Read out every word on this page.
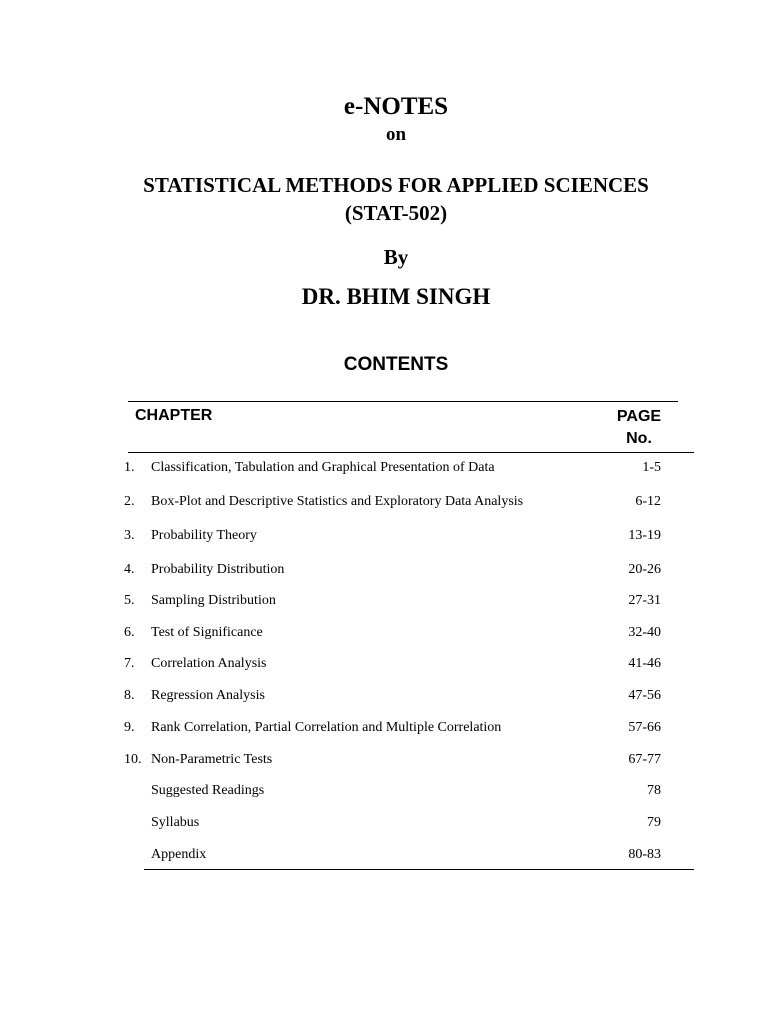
e-NOTES
on
STATISTICAL METHODS FOR APPLIED SCIENCES
(STAT-502)
By
DR. BHIM SINGH
CONTENTS
CHAPTER	PAGE
No.
1. Classification, Tabulation and Graphical Presentation of Data	1-5
2. Box-Plot and Descriptive Statistics and Exploratory Data Analysis	6-12
3. Probability Theory	13-19
4. Probability Distribution	20-26
5. Sampling Distribution	27-31
6. Test of Significance	32-40
7. Correlation Analysis	41-46
8. Regression Analysis	47-56
9. Rank Correlation, Partial Correlation and Multiple Correlation	57-66
10. Non-Parametric Tests	67-77
Suggested Readings	78
Syllabus	79
Appendix	80-83
